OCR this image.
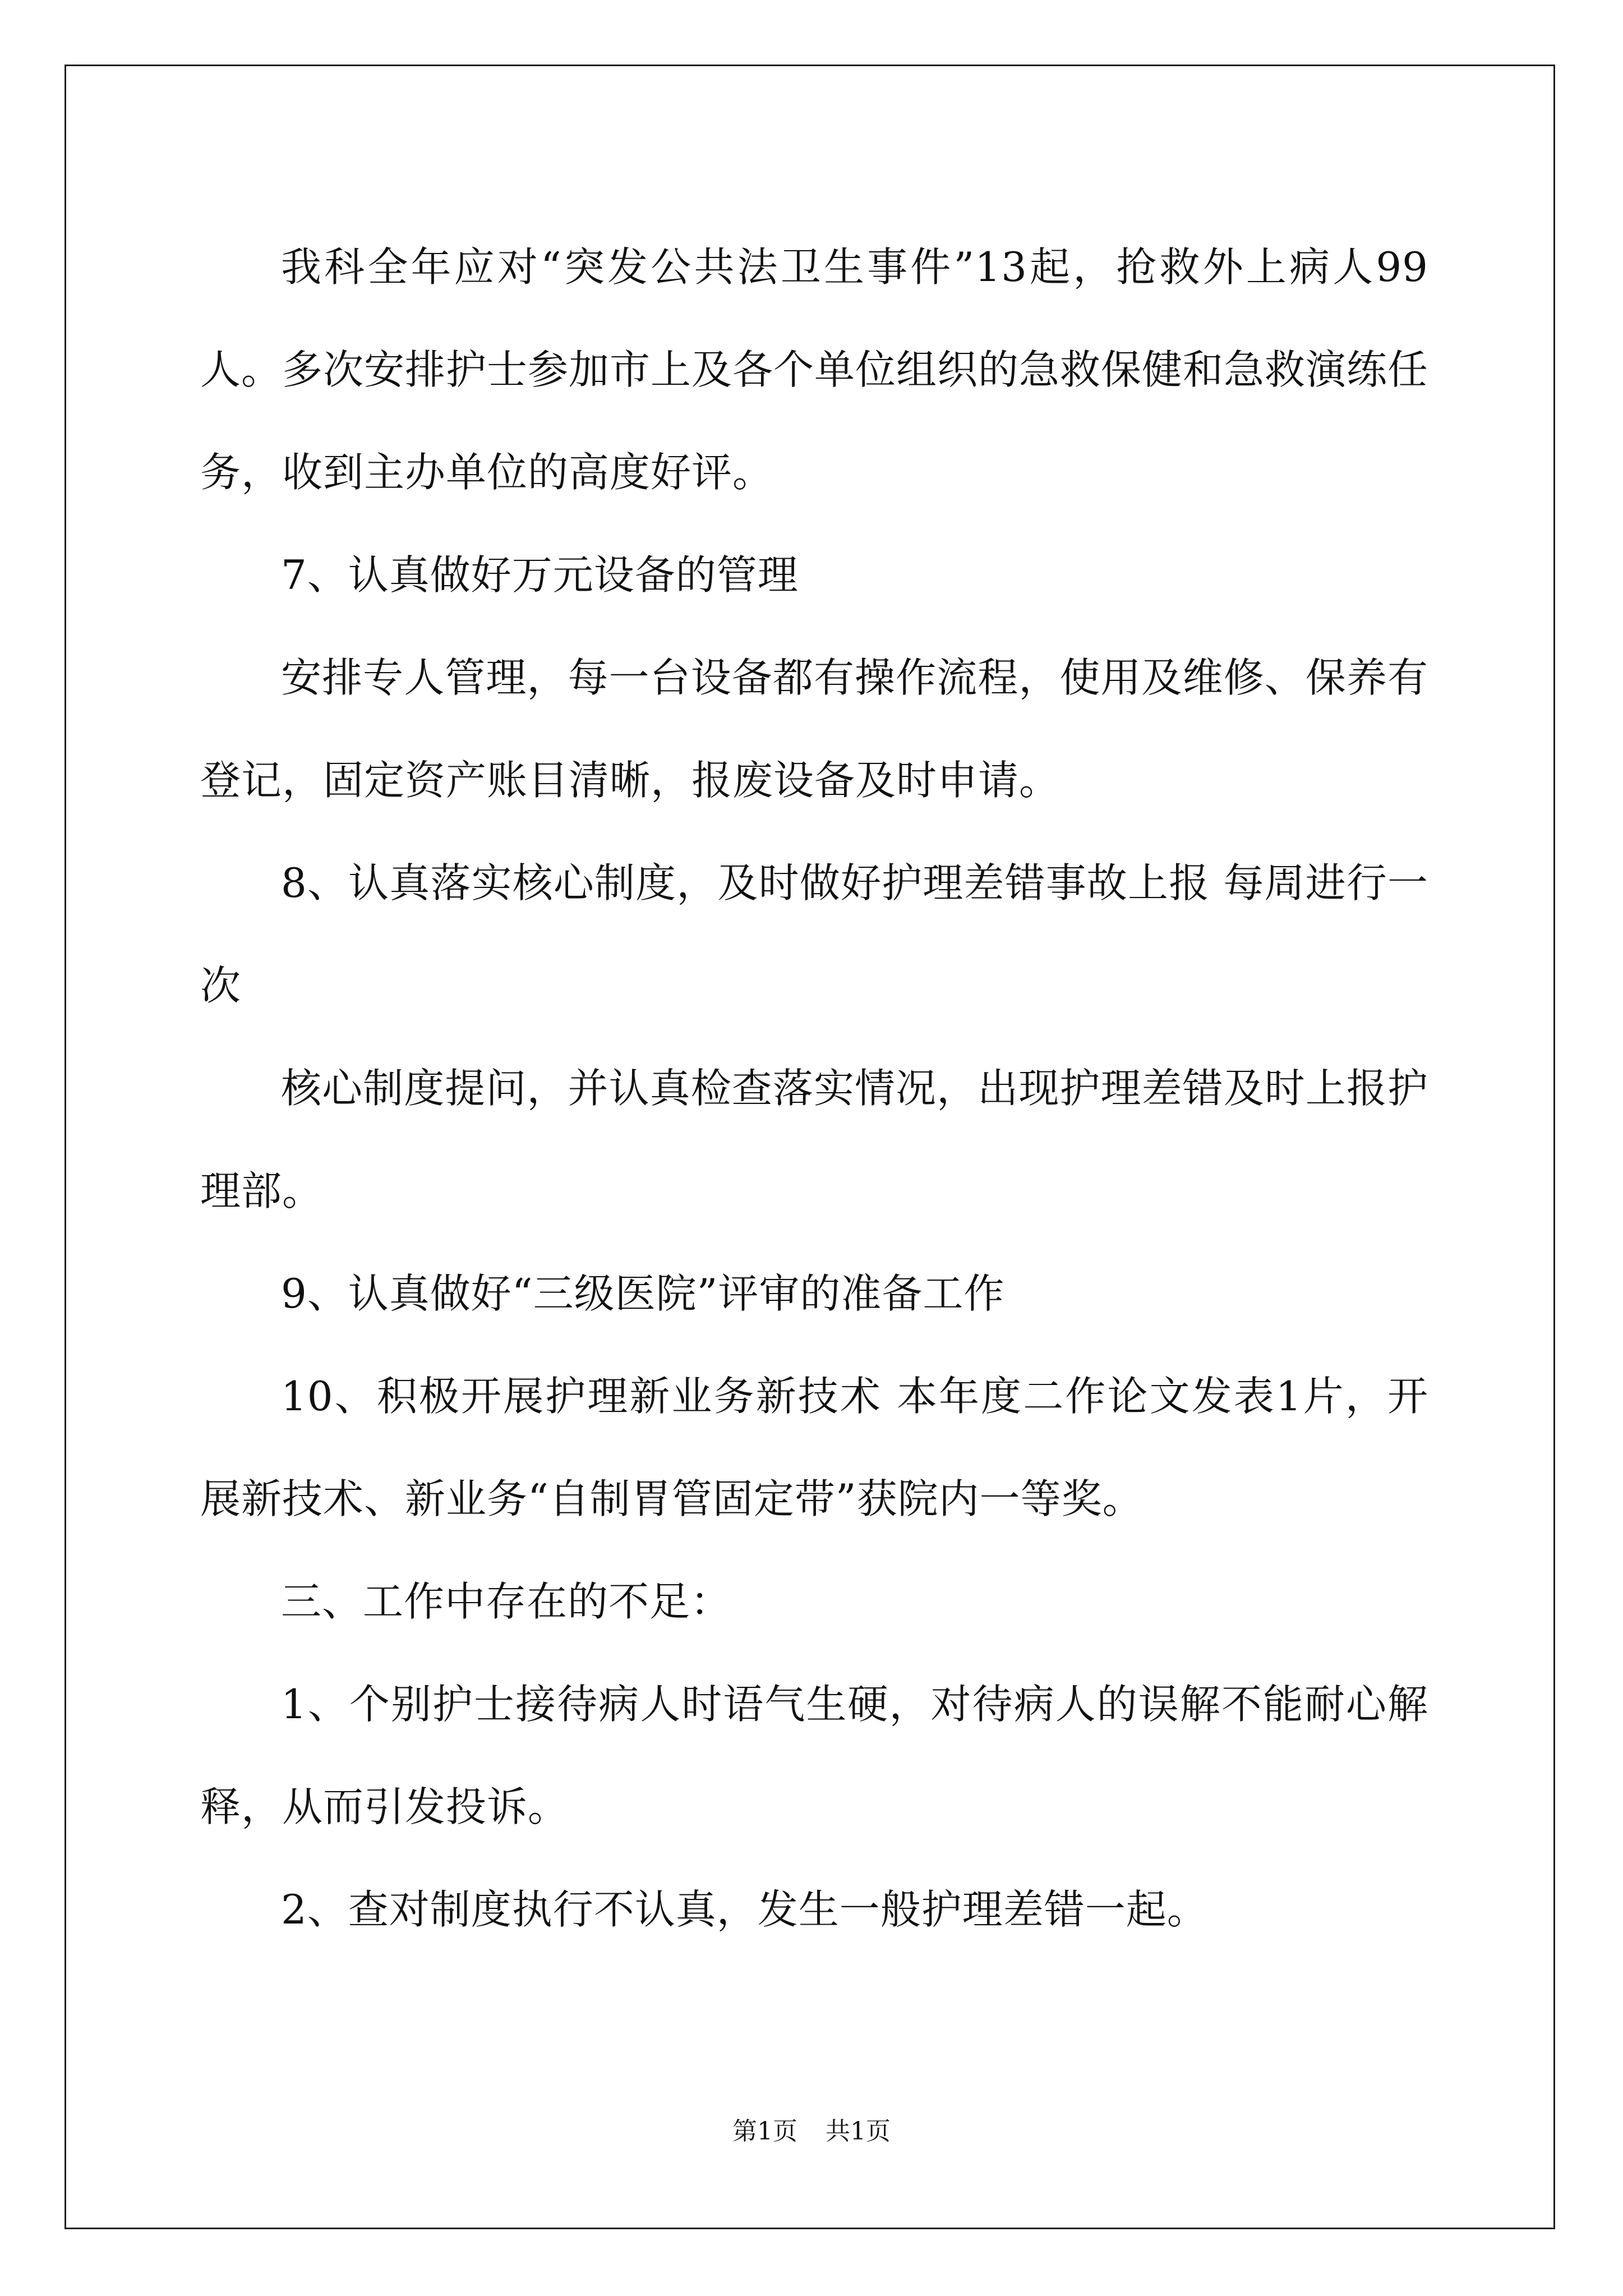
我科全年应对“突发公共法卫生事件”13起，抢救外上病人99人。多次安排护士参加市上及各个单位组织的急救保健和急救演练任务，收到主办单位的高度好评。

7、认真做好万元设备的管理

安排专人管理，每一台设备都有操作流程，使用及维修、保养有登记，固定资产账目清晰，报废设备及时申请。

8、认真落实核心制度，及时做好护理差错事故上报 每周进行一次

核心制度提问，并认真检查落实情况，出现护理差错及时上报护理部。

9、认真做好“三级医院”评审的准备工作

10、积极开展护理新业务新技术 本年度二作论文发表1片，开展新技术、新业务“自制胃管固定带”获院内一等奖。

三、工作中存在的不足：

1、个别护士接待病人时语气生硬，对待病人的误解不能耐心解释，从而引发投诉。

2、查对制度执行不认真，发生一般护理差错一起。

第1页 共1页
